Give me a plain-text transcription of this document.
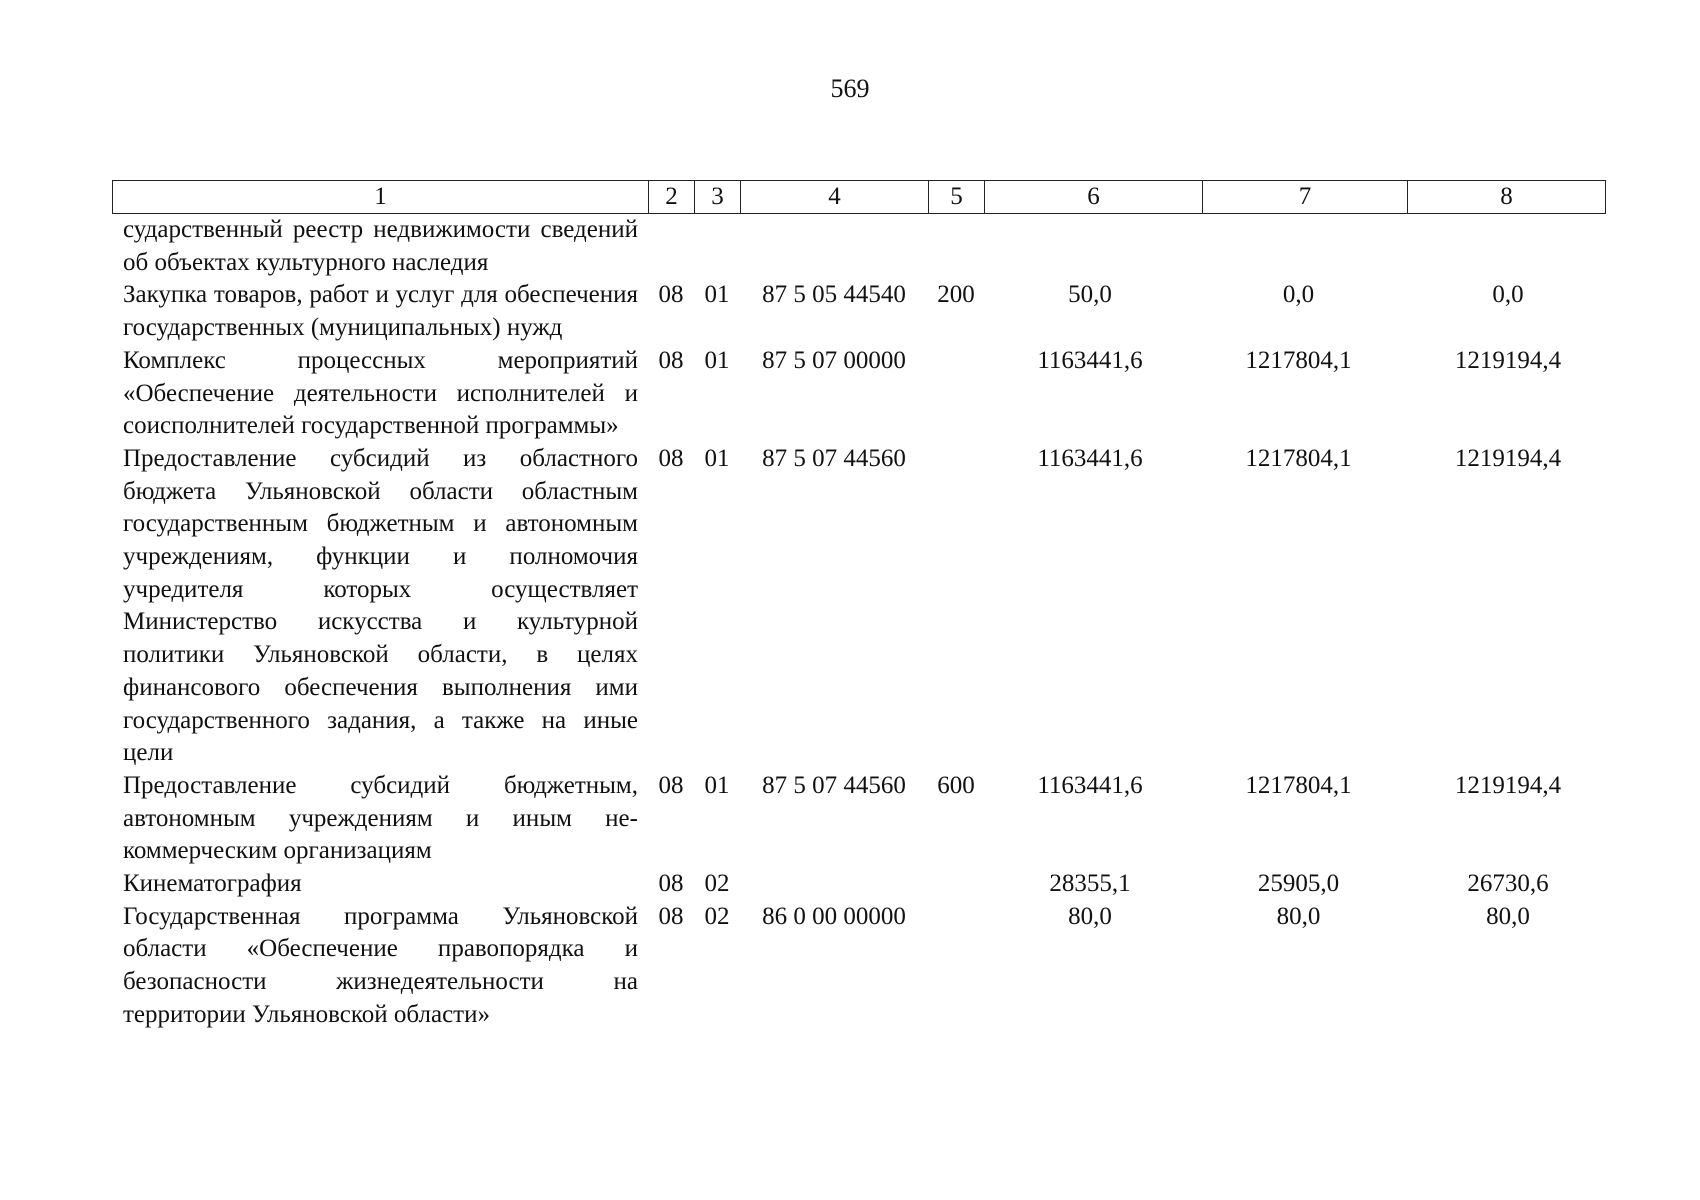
569
1	2	3	4	5	6	7	8
сударственный реестр недвижимости сведений об объектах культурного наследия							
Закупка товаров, работ и услуг для обеспечения государственных (муниципальных) нужд	08	01	87 5 05 44540	200	50,0	0,0	0,0
Комплекс процессных мероприятий «Обеспечение деятельности исполнителей и соисполнителей государственной программы»	08	01	87 5 07 00000		1163441,6	1217804,1	1219194,4
Предоставление субсидий из областного бюджета Ульяновской области областным государственным бюджетным и автономным учреждениям, функции и полномочия учредителя которых осуществляет Министерство искусства и культурной политики Ульяновской области, в целях финансового обеспечения выполнения ими государственного задания, а также на иные цели	08	01	87 5 07 44560		1163441,6	1217804,1	1219194,4
Предоставление субсидий бюджетным, автономным учреждениям и иным некоммерческим организациям	08	01	87 5 07 44560	600	1163441,6	1217804,1	1219194,4
Кинематография	08	02			28355,1	25905,0	26730,6
Государственная программа Ульяновской области «Обеспечение правопорядка и безопасности жизнедеятельности на территории Ульяновской области»	08	02	86 0 00 00000		80,0	80,0	80,0
